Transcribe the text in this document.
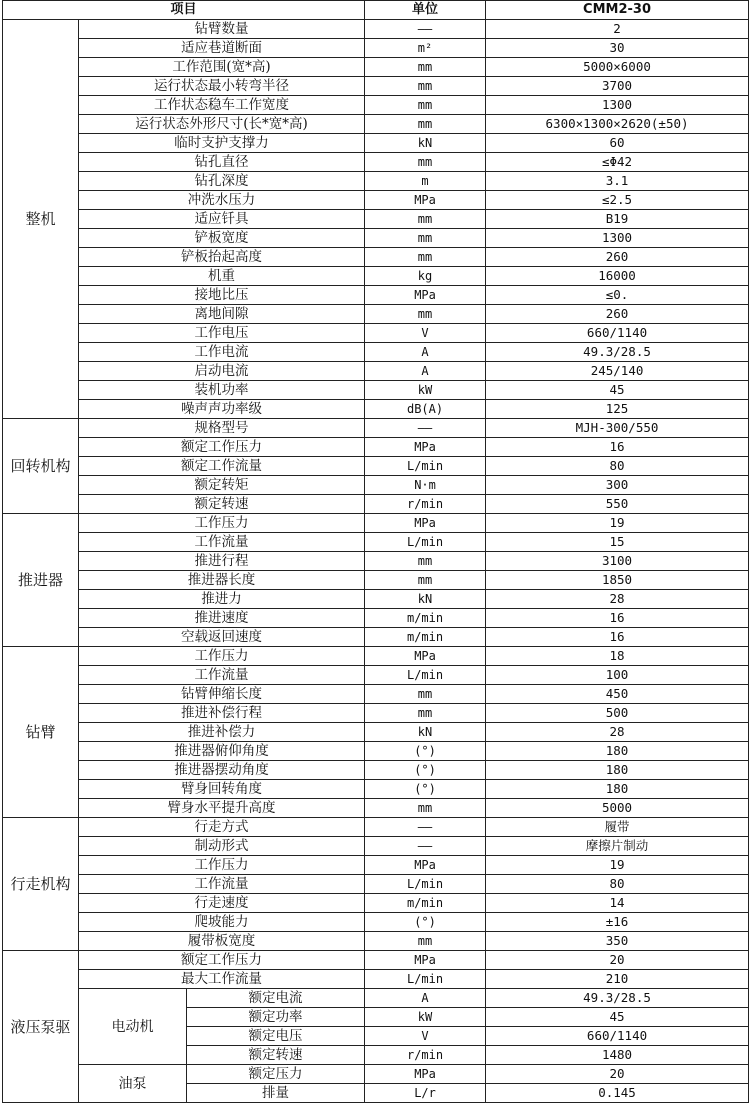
项目			单位	CMM2-30
整机	钻臂数量		——	2
	适应巷道断面		m²	30
	工作范围(宽*高)		mm	5000×6000
	运行状态最小转弯半径		mm	3700
	工作状态稳车工作宽度		mm	1300
	运行状态外形尺寸(长*宽*高)		mm	6300×1300×2620(±50)
	临时支护支撑力		kN	60
	钻孔直径		mm	≤Φ42
	钻孔深度		m	3.1
	冲洗水压力		MPa	≤2.5
	适应钎具		mm	B19
	铲板宽度		mm	1300
	铲板抬起高度		mm	260
	机重		kg	16000
	接地比压		MPa	≤0.
	离地间隙		mm	260
	工作电压		V	660/1140
	工作电流		A	49.3/28.5
	启动电流		A	245/140
	装机功率		kW	45
	噪声声功率级		dB(A)	125
回转机构	规格型号		——	MJH-300/550
	额定工作压力		MPa	16
	额定工作流量		L/min	80
	额定转矩		N·m	300
	额定转速		r/min	550
推进器	工作压力		MPa	19
	工作流量		L/min	15
	推进行程		mm	3100
	推进器长度		mm	1850
	推进力		kN	28
	推进速度		m/min	16
	空载返回速度		m/min	16
钻臂	工作压力		MPa	18
	工作流量		L/min	100
	钻臂伸缩长度		mm	450
	推进补偿行程		mm	500
	推进补偿力		kN	28
	推进器俯仰角度		(°)	180
	推进器摆动角度		(°)	180
	臂身回转角度		(°)	180
	臂身水平提升高度		mm	5000
行走机构	行走方式		——	履带
	制动形式		——	摩擦片制动
	工作压力		MPa	19
	工作流量		L/min	80
	行走速度		m/min	14
	爬坡能力		(°)	±16
	履带板宽度		mm	350
液压泵驱	额定工作压力		MPa	20
	最大工作流量		L/min	210
	电动机	额定电流	A	49.3/28.5
		额定功率	kW	45
		额定电压	V	660/1140
		额定转速	r/min	1480
	油泵	额定压力	MPa	20
		排量	L/r	0.145
